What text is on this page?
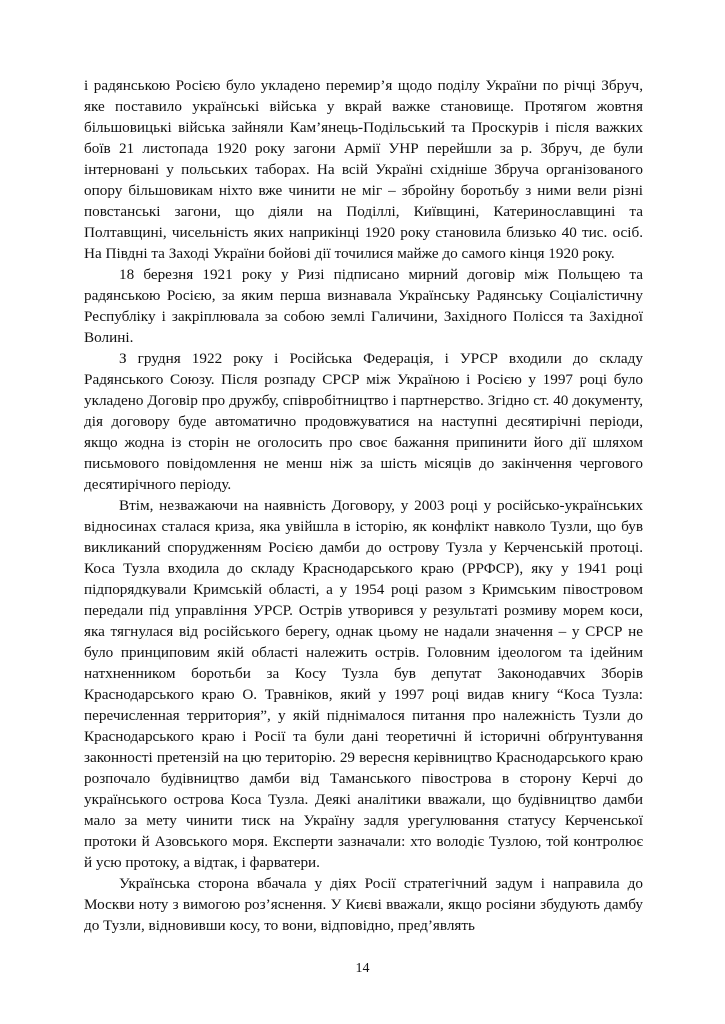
і радянською Росією було укладено перемир’я щодо поділу України по річці Збруч, яке поставило українські війська у вкрай важке становище. Протягом жовтня більшовицькі війська зайняли Кам’янець-Подільський та Проскурів і після важких боїв 21 листопада 1920 року загони Армії УНР перейшли за р. Збруч, де були інтерновані у польських таборах. На всій Україні східніше Збруча організованого опору більшовикам ніхто вже чинити не міг – збройну боротьбу з ними вели різні повстанські загони, що діяли на Поділлі, Київщині, Катеринославщині та Полтавщині, чисельність яких наприкінці 1920 року становила близько 40 тис. осіб. На Півдні та Заході України бойові дії точилися майже до самого кінця 1920 року.

18 березня 1921 року у Ризі підписано мирний договір між Польщею та радянською Росією, за яким перша визнавала Українську Радянську Соціалістичну Республіку і закріплювала за собою землі Галичини, Західного Полісся та Західної Волині.

З грудня 1922 року і Російська Федерація, і УРСР входили до складу Радянського Союзу. Після розпаду СРСР між Україною і Росією у 1997 році було укладено Договір про дружбу, співробітництво і партнерство. Згідно ст. 40 документу, дія договору буде автоматично продовжуватися на наступні десятирічні періоди, якщо жодна із сторін не оголосить про своє бажання припинити його дії шляхом письмового повідомлення не менш ніж за шість місяців до закінчення чергового десятирічного періоду.

Втім, незважаючи на наявність Договору, у 2003 році у російсько-українських відносинах сталася криза, яка увійшла в історію, як конфлікт навколо Тузли, що був викликаний спорудженням Росією дамби до острову Тузла у Керченській протоці. Коса Тузла входила до складу Краснодарського краю (РРФСР), яку у 1941 році підпорядкували Кримській області, а у 1954 році разом з Кримським півостровом передали під управління УРСР. Острів утворився у результаті розмиву морем коси, яка тягнулася від російського берегу, однак цьому не надали значення – у СРСР не було принциповим якій області належить острів. Головним ідеологом та ідейним натхненником боротьби за Косу Тузла був депутат Законодавчих Зборів Краснодарського краю О. Травніков, який у 1997 році видав книгу “Коса Тузла: перечисленная территория”, у якій піднімалося питання про належність Тузли до Краснодарського краю і Росії та були дані теоретичні й історичні обґрунтування законності претензій на цю територію. 29 вересня керівництво Краснодарського краю розпочало будівництво дамби від Таманського півострова в сторону Керчі до українського острова Коса Тузла. Деякі аналітики вважали, що будівництво дамби мало за мету чинити тиск на Україну задля урегулювання статусу Керченської протоки й Азовського моря. Експерти зазначали: хто володіє Тузлою, той контролює й усю протоку, а відтак, і фарватери.

Українська сторона вбачала у діях Росії стратегічний задум і направила до Москви ноту з вимогою роз’яснення. У Києві вважали, якщо росіяни збудують дамбу до Тузли, відновивши косу, то вони, відповідно, пред’являть

14
